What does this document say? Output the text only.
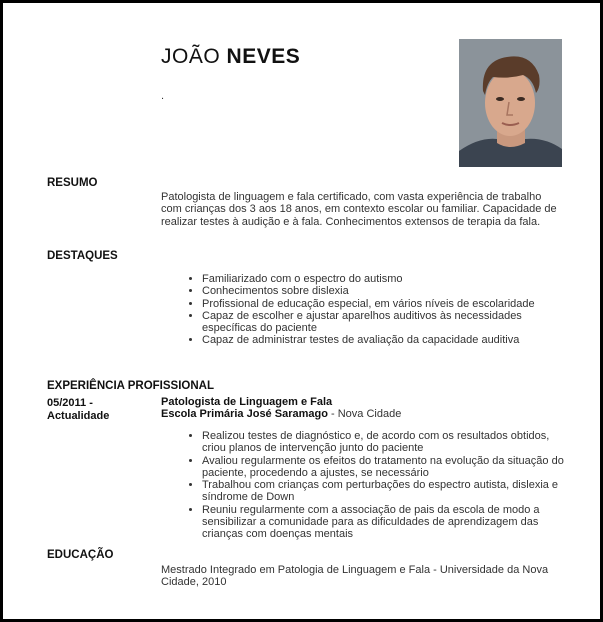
JOÃO NEVES
.
RESUMO
Patologista de linguagem e fala certificado, com vasta experiência de trabalho com crianças dos 3 aos 18 anos, em contexto escolar ou familiar. Capacidade de realizar testes à audição e à fala. Conhecimentos extensos de terapia da fala.
DESTAQUES
• Familiarizado com o espectro do autismo
• Conhecimentos sobre dislexia
• Profissional de educação especial, em vários níveis de escolaridade
• Capaz de escolher e ajustar aparelhos auditivos às necessidades específicas do paciente
• Capaz de administrar testes de avaliação da capacidade auditiva
EXPERIÊNCIA PROFISSIONAL
05/2011 -
Actualidade
Patologista de Linguagem e Fala
Escola Primária José Saramago - Nova Cidade
• Realizou testes de diagnóstico e, de acordo com os resultados obtidos, criou planos de intervenção junto do paciente
• Avaliou regularmente os efeitos do tratamento na evolução da situação do paciente, procedendo a ajustes, se necessário
• Trabalhou com crianças com perturbações do espectro autista, dislexia e síndrome de Down
• Reuniu regularmente com a associação de pais da escola de modo a sensibilizar a comunidade para as dificuldades de aprendizagem das crianças com doenças mentais
EDUCAÇÃO
Mestrado Integrado em Patologia de Linguagem e Fala - Universidade da Nova Cidade, 2010
